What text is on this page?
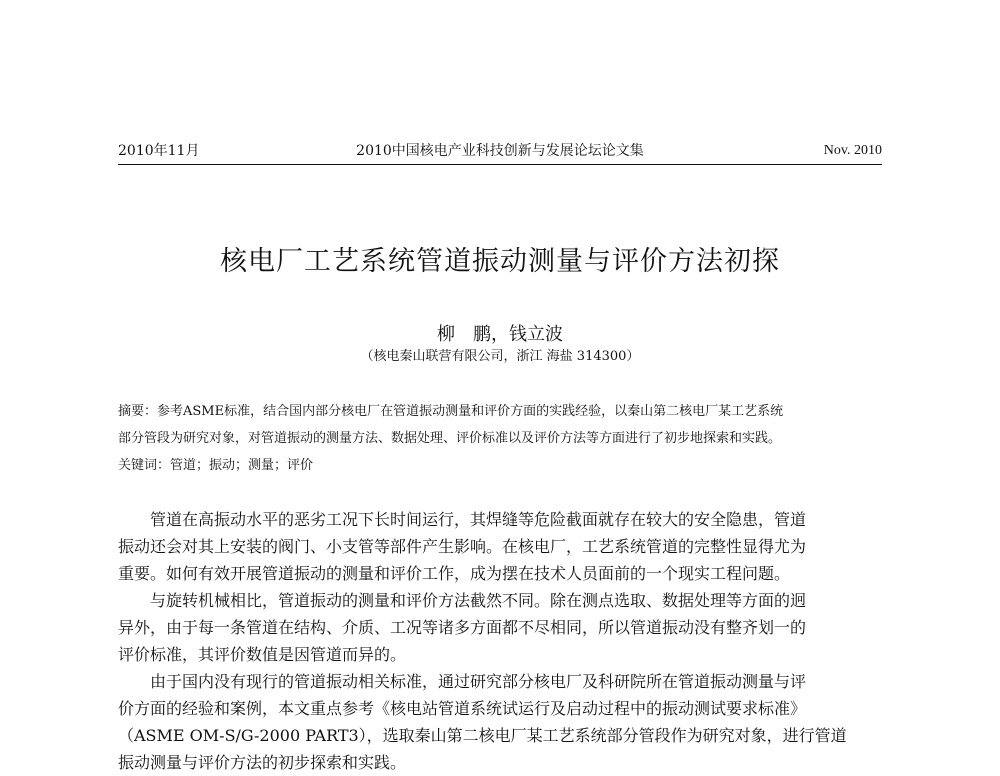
2010年11月	2010中国核电产业科技创新与发展论坛论文集	Nov. 2010
核电厂工艺系统管道振动测量与评价方法初探
柳　鹏，钱立波
（核电秦山联营有限公司，浙江 海盐 314300）
摘要：参考ASME标准，结合国内部分核电厂在管道振动测量和评价方面的实践经验，以秦山第二核电厂某工艺系统
部分管段为研究对象，对管道振动的测量方法、数据处理、评价标准以及评价方法等方面进行了初步地探索和实践。
关键词：管道；振动；测量；评价
管道在高振动水平的恶劣工况下长时间运行，其焊缝等危险截面就存在较大的安全隐患，管道
振动还会对其上安装的阀门、小支管等部件产生影响。在核电厂，工艺系统管道的完整性显得尤为
重要。如何有效开展管道振动的测量和评价工作，成为摆在技术人员面前的一个现实工程问题。
与旋转机械相比，管道振动的测量和评价方法截然不同。除在测点选取、数据处理等方面的迥
异外，由于每一条管道在结构、介质、工况等诸多方面都不尽相同，所以管道振动没有整齐划一的
评价标准，其评价数值是因管道而异的。
由于国内没有现行的管道振动相关标准，通过研究部分核电厂及科研院所在管道振动测量与评
价方面的经验和案例，本文重点参考《核电站管道系统试运行及启动过程中的振动测试要求标准》
（ASME OM-S/G-2000 PART3），选取秦山第二核电厂某工艺系统部分管段作为研究对象，进行管道
振动测量与评价方法的初步探索和实践。
